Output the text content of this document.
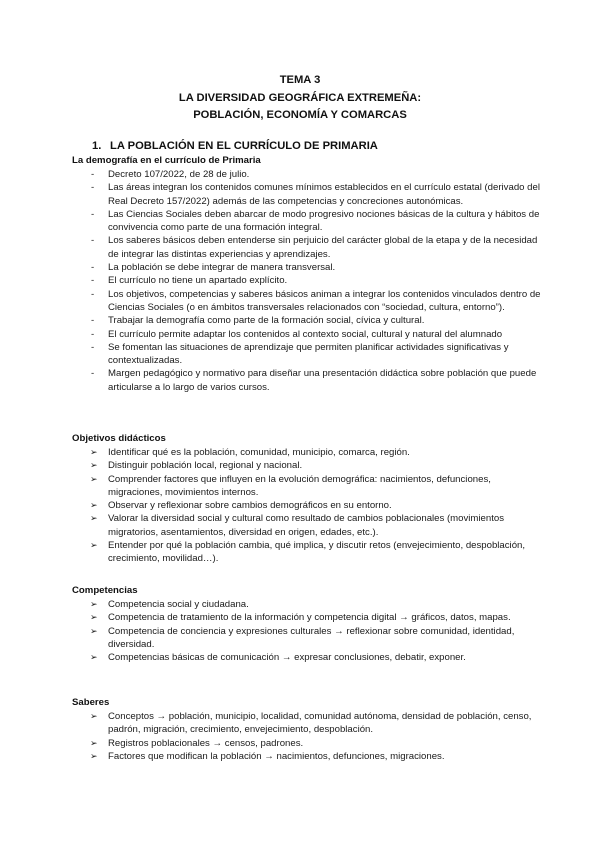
TEMA 3
LA DIVERSIDAD GEOGRÁFICA EXTREMEÑA:
POBLACIÓN, ECONOMÍA Y COMARCAS
1. LA POBLACIÓN EN EL CURRÍCULO DE PRIMARIA
La demografía en el currículo de Primaria
-	Decreto 107/2022, de 28 de julio.
-	Las áreas integran los contenidos comunes mínimos establecidos en el currículo estatal (derivado del Real Decreto 157/2022) además de las competencias y concreciones autonómicas.
-	Las Ciencias Sociales deben abarcar de modo progresivo nociones básicas de la cultura y hábitos de convivencia como parte de una formación integral.
-	Los saberes básicos deben entenderse sin perjuicio del carácter global de la etapa y de la necesidad de integrar las distintas experiencias y aprendizajes.
-	La población se debe integrar de manera transversal.
-	El currículo no tiene un apartado explícito.
-	Los objetivos, competencias y saberes básicos animan a integrar los contenidos vinculados dentro de Ciencias Sociales (o en ámbitos transversales relacionados con “sociedad, cultura, entorno”).
-	Trabajar la demografía como parte de la formación social, cívica y cultural.
-	El currículo permite adaptar los contenidos al contexto social, cultural y natural del alumnado
-	Se fomentan las situaciones de aprendizaje que permiten planificar actividades significativas y contextualizadas.
-	Margen pedagógico y normativo para diseñar una presentación didáctica sobre población que puede articularse a lo largo de varios cursos.
Objetivos didácticos
➢	Identificar qué es la población, comunidad, municipio, comarca, región.
➢	Distinguir población local, regional y nacional.
➢	Comprender factores que influyen en la evolución demográfica: nacimientos, defunciones, migraciones, movimientos internos.
➢	Observar y reflexionar sobre cambios demográficos en su entorno.
➢	Valorar la diversidad social y cultural como resultado de cambios poblacionales (movimientos migratorios, asentamientos, diversidad en origen, edades, etc.).
➢	Entender por qué la población cambia, qué implica, y discutir retos (envejecimiento, despoblación, crecimiento, movilidad…).
Competencias
➢	Competencia social y ciudadana.
➢	Competencia de tratamiento de la información y competencia digital → gráficos, datos, mapas.
➢	Competencia de conciencia y expresiones culturales → reflexionar sobre comunidad, identidad, diversidad.
➢	Competencias básicas de comunicación → expresar conclusiones, debatir, exponer.
Saberes
➢	Conceptos → población, municipio, localidad, comunidad autónoma, densidad de población, censo, padrón, migración, crecimiento, envejecimiento, despoblación.
➢	Registros poblacionales → censos, padrones.
➢	Factores que modifican la población → nacimientos, defunciones, migraciones.
